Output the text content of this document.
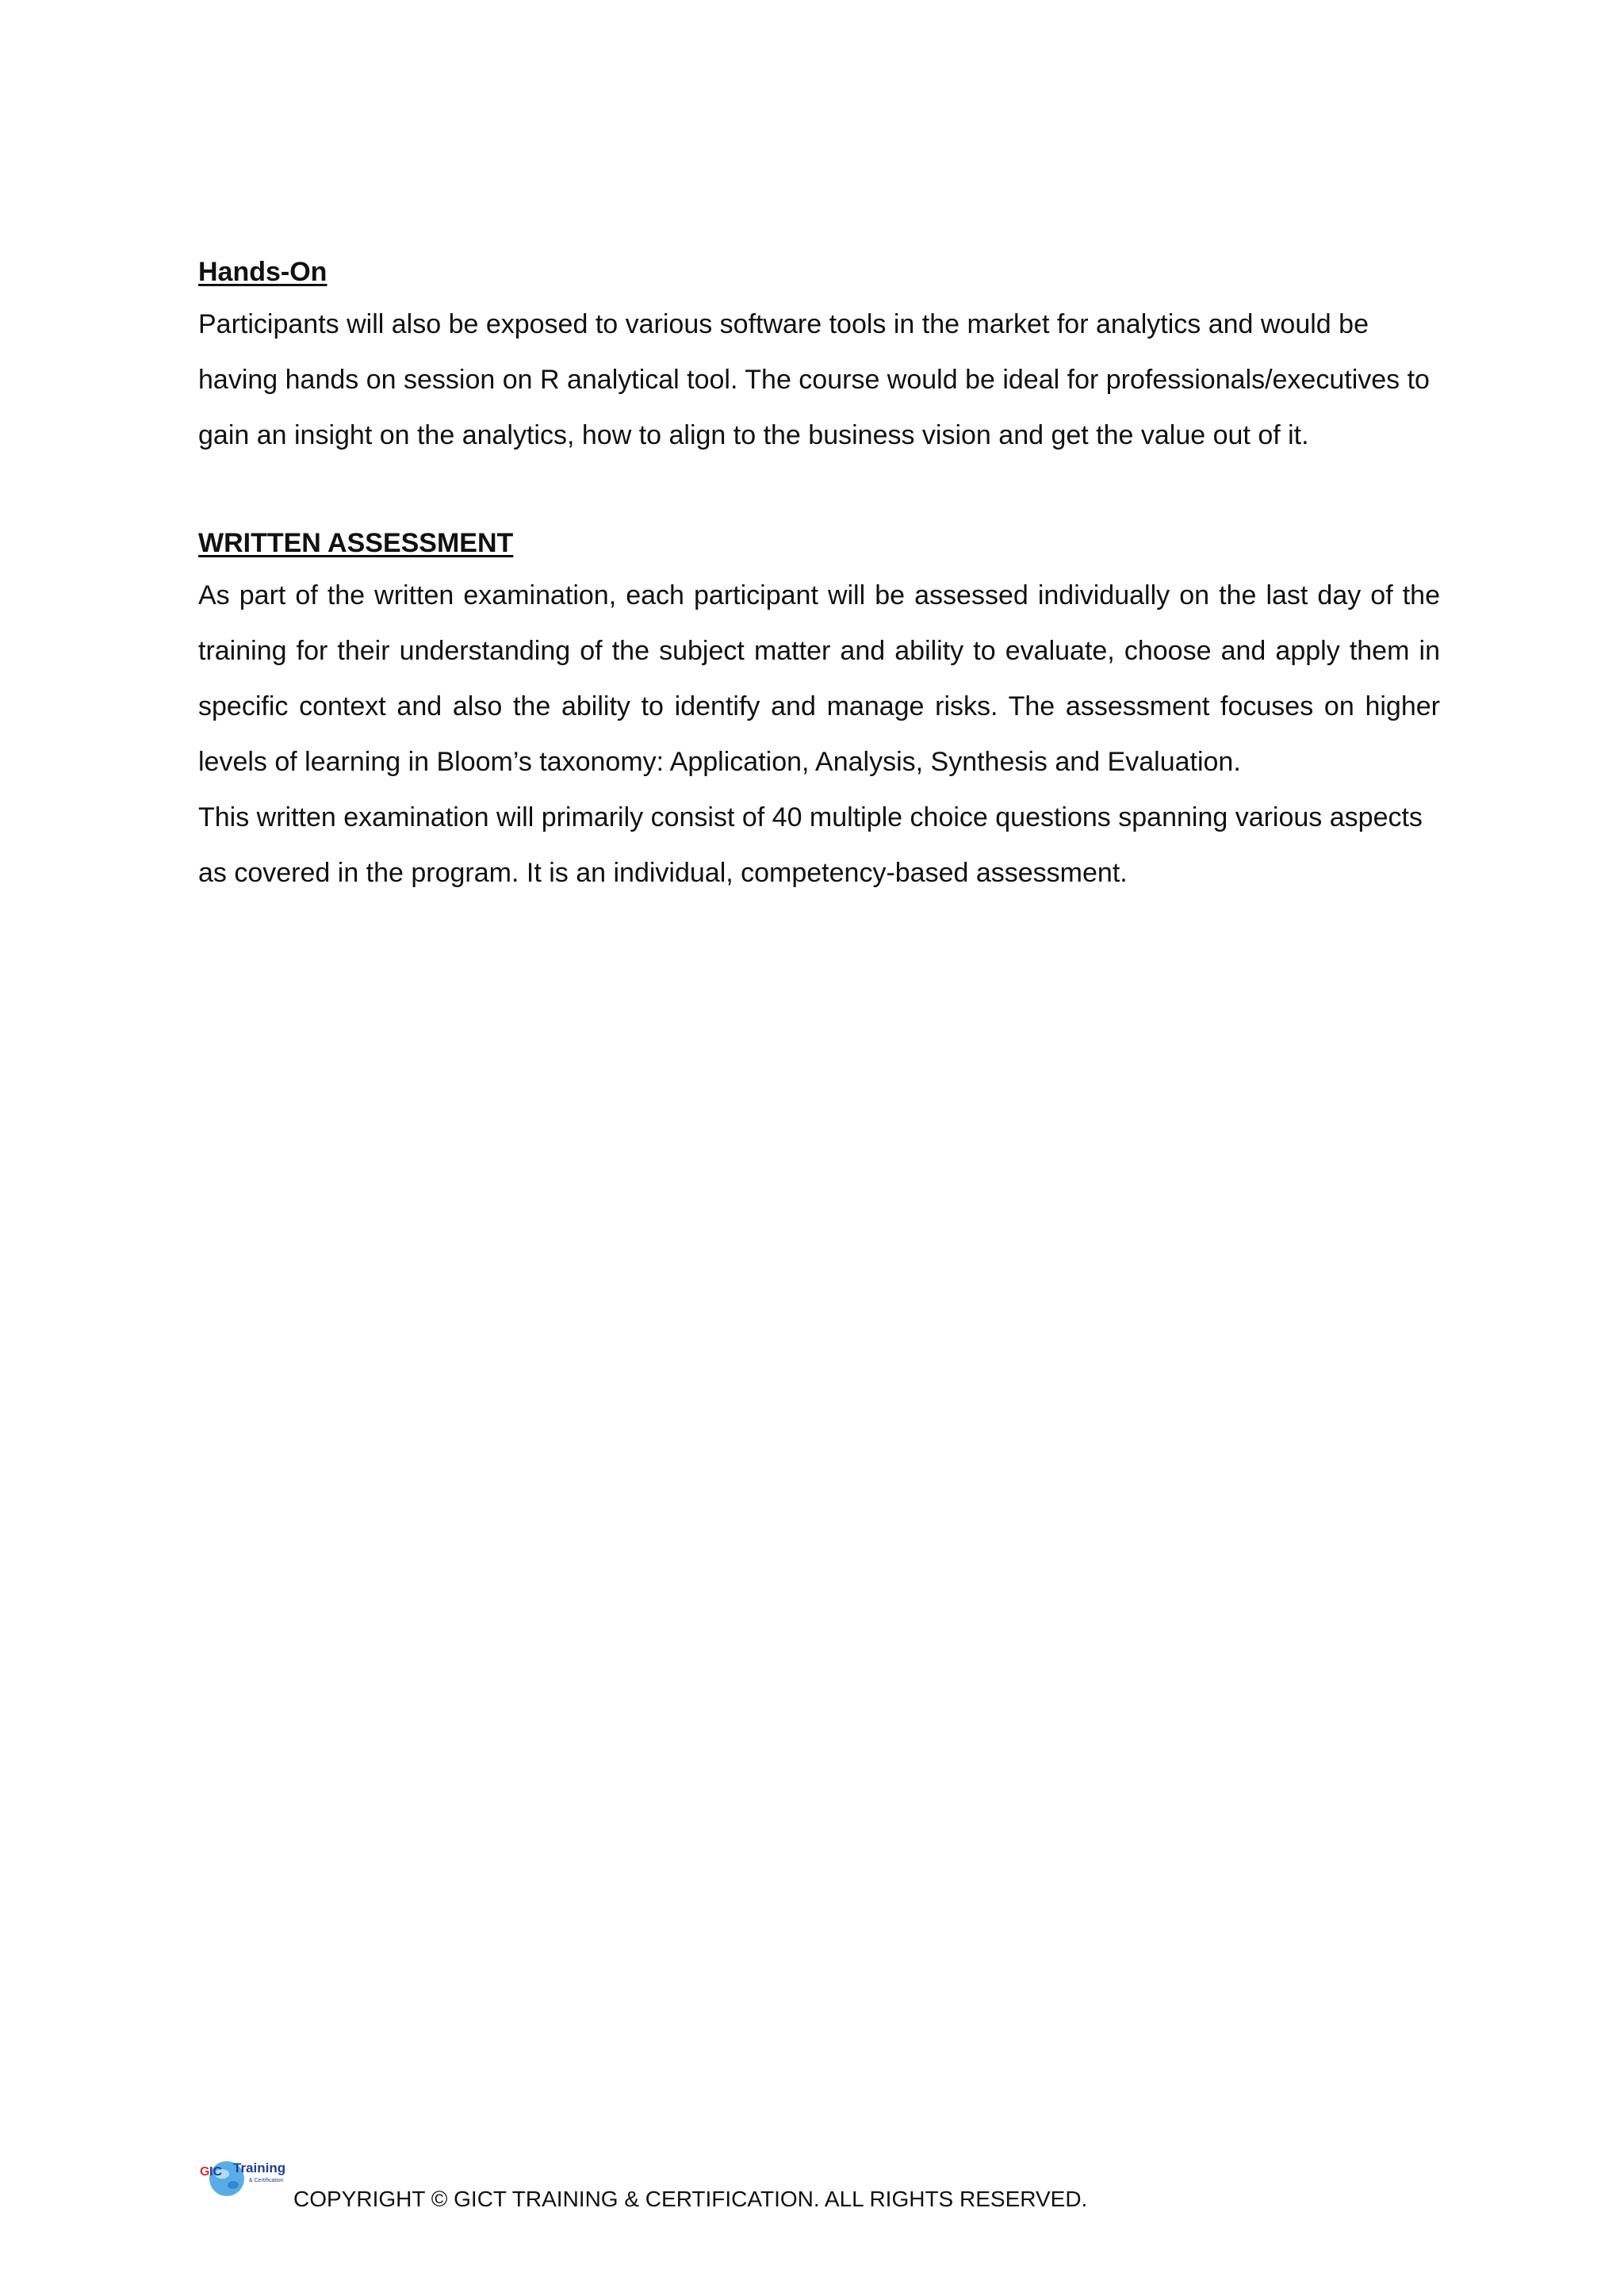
Hands-On

Participants will also be exposed to various software tools in the market for analytics and would be having hands on session on R analytical tool. The course would be ideal for professionals/executives to gain an insight on the analytics, how to align to the business vision and get the value out of it.

WRITTEN ASSESSMENT

As part of the written examination, each participant will be assessed individually on the last day of the training for their understanding of the subject matter and ability to evaluate, choose and apply them in specific context and also the ability to identify and manage risks. The assessment focuses on higher levels of learning in Bloom’s taxonomy: Application, Analysis, Synthesis and Evaluation.

This written examination will primarily consist of 40 multiple choice questions spanning various aspects as covered in the program. It is an individual, competency-based assessment.

G IC Training
& Certification
COPYRIGHT © GICT TRAINING & CERTIFICATION. ALL RIGHTS RESERVED.
